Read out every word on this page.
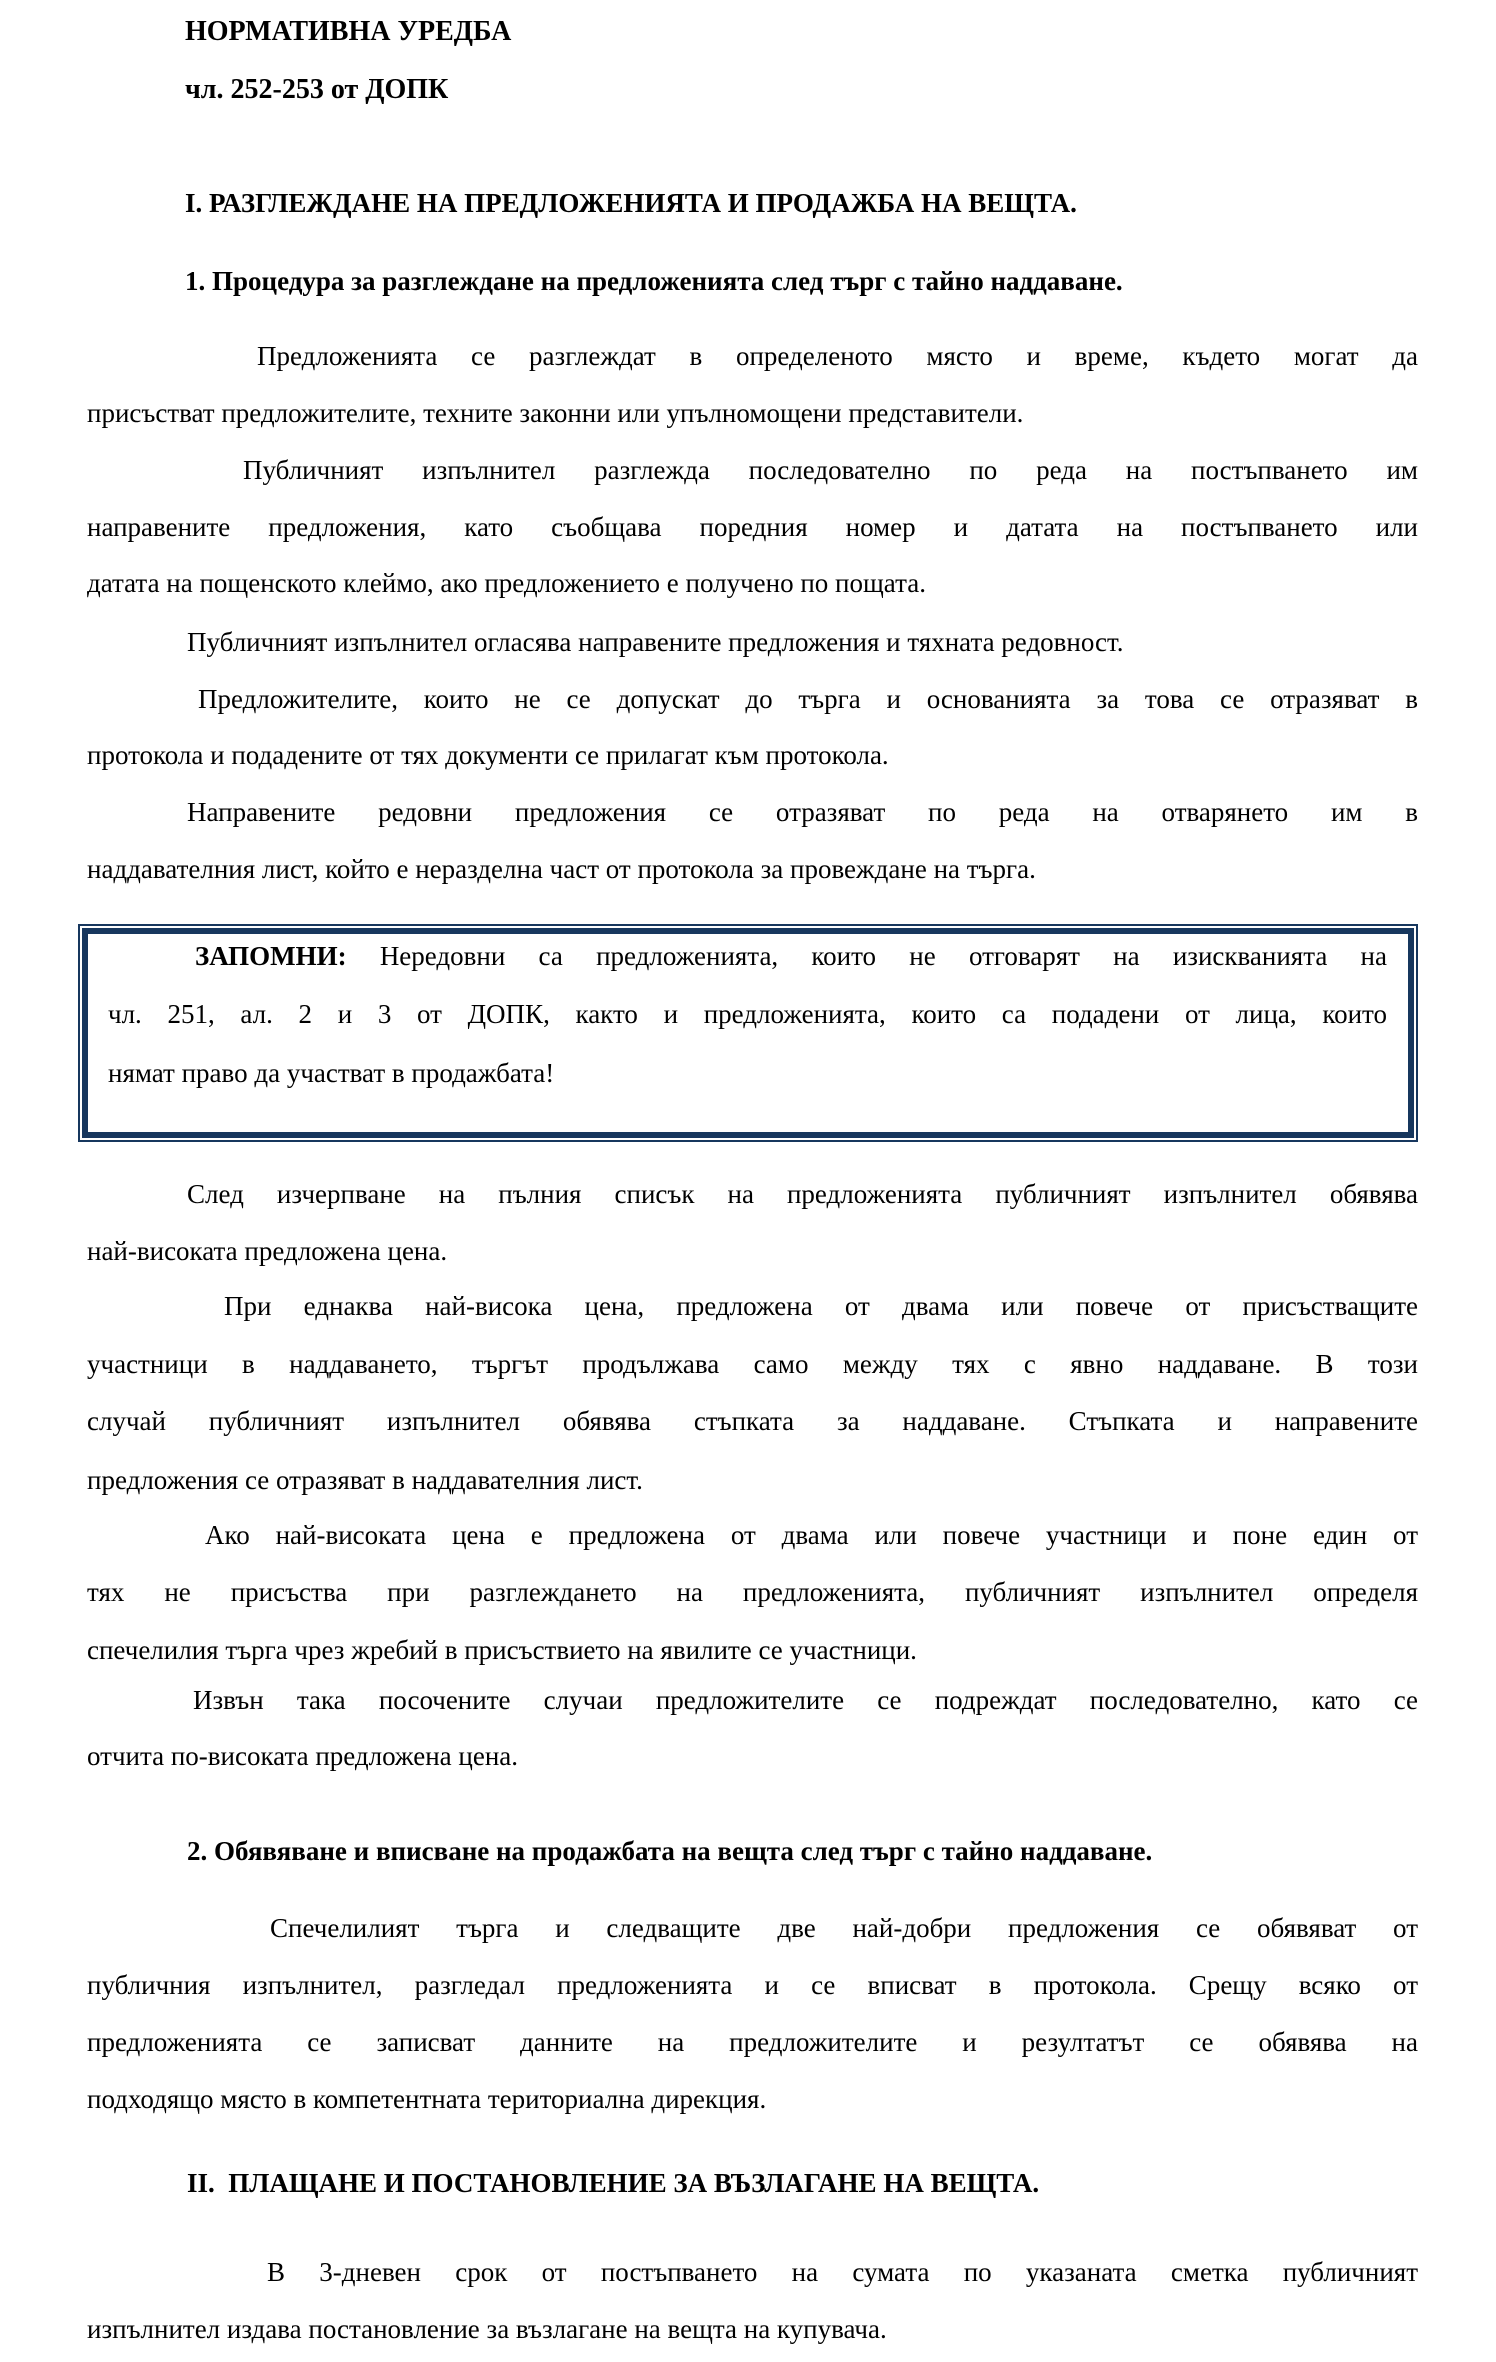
НОРМАТИВНА УРЕДБА
чл. 252-253 от ДОПК
I. РАЗГЛЕЖДАНЕ НА ПРЕДЛОЖЕНИЯТА И ПРОДАЖБА НА ВЕЩТА.
1. Процедура за разглеждане на предложенията след търг с тайно наддаване.
Предложенията се разглеждат в определеното място и време, където могат да
присъстват предложителите, техните законни или упълномощени представители.
Публичният изпълнител разглежда последователно по реда на постъпването им
направените предложения, като съобщава поредния номер и датата на постъпването или
датата на пощенското клеймо, ако предложението е получено по пощата.
Публичният изпълнител огласява направените предложения и тяхната редовност.
Предложителите, които не се допускат до търга и основанията за това се отразяват в
протокола и подадените от тях документи се прилагат към протокола.
Направените редовни предложения се отразяват по реда на отварянето им в
наддавателния лист, който е неразделна част от протокола за провеждане на търга.
ЗАПОМНИ: Нередовни са предложенията, които не отговарят на изискванията на
чл. 251, ал. 2 и 3 от ДОПК, както и предложенията, които са подадени от лица, които
нямат право да участват в продажбата!
След изчерпване на пълния списък на предложенията публичният изпълнител обявява
най-високата предложена цена.
При еднаква най-висока цена, предложена от двама или повече от присъстващите
участници в наддаването, търгът продължава само между тях с явно наддаване. В този
случай публичният изпълнител обявява стъпката за наддаване. Стъпката и направените
предложения се отразяват в наддавателния лист.
Ако най-високата цена е предложена от двама или повече участници и поне един от
тях не присъства при разглеждането на предложенията, публичният изпълнител определя
спечелилия търга чрез жребий в присъствието на явилите се участници.
Извън така посочените случаи предложителите се подреждат последователно, като се
отчита по-високата предложена цена.
2. Обявяване и вписване на продажбата на вещта след търг с тайно наддаване.
Спечелилият търга и следващите две най-добри предложения се обявяват от
публичния изпълнител, разгледал предложенията и се вписват в протокола. Срещу всяко от
предложенията се записват данните на предложителите и резултатът се обявява на
подходящо място в компетентната териториална дирекция.
II.  ПЛАЩАНЕ И ПОСТАНОВЛЕНИЕ ЗА ВЪЗЛАГАНЕ НА ВЕЩТА.
В 3-дневен срок от постъпването на сумата по указаната сметка публичният
изпълнител издава постановление за възлагане на вещта на купувача.
